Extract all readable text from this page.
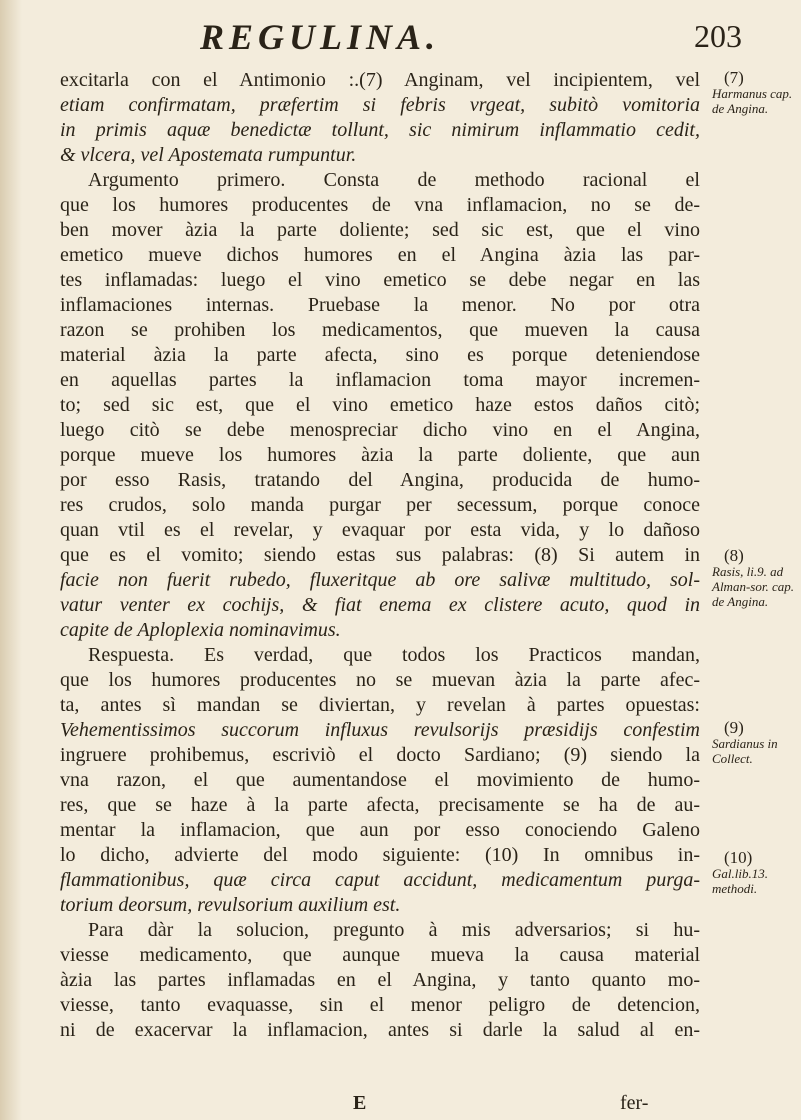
REGULINA.	203
excitarla con el Antimonio :.(7) Anginam, vel incipientem, vel
etiam confirmatam, præfertim si febris vrgeat, subitò vomitoria
in primis aquæ benedictæ tollunt, sic nimirum inflammatio cedit,
& vlcera, vel Apostemata rumpuntur.
Argumento primero. Consta de methodo racional el
que los humores producentes de vna inflamacion, no se de-
ben mover àzia la parte doliente; sed sic est, que el vino
emetico mueve dichos humores en el Angina àzia las par-
tes inflamadas: luego el vino emetico se debe negar en las
inflamaciones internas. Pruebase la menor. No por otra
razon se prohiben los medicamentos, que mueven la causa
material àzia la parte afecta, sino es porque deteniendose
en aquellas partes la inflamacion toma mayor incremen-
to; sed sic est, que el vino emetico haze estos daños citò;
luego citò se debe menospreciar dicho vino en el Angina,
porque mueve los humores àzia la parte doliente, que aun
por esso Rasis, tratando del Angina, producida de humo-
res crudos, solo manda purgar per secessum, porque conoce
quan vtil es el revelar, y evaquar por esta vida, y lo dañoso
que es el vomito; siendo estas sus palabras: (8) Si autem in
facie non fuerit rubedo, fluxeritque ab ore salivæ multitudo, sol-
vatur venter ex cochijs, & fiat enema ex clistere acuto, quod in
capite de Aplοplexia nominavimus.
Respuesta. Es verdad, que todos los Practicos mandan,
que los humores producentes no se muevan àzia la parte afec-
ta, antes sì mandan se diviertan, y revelan à partes opuestas:
Vehementissimos succorum influxus revulsorijs præsidijs confestim
ingruere prohibemus, escriviò el docto Sardiano; (9) siendo la
vna razon, el que aumentandose el movimiento de humo-
res, que se haze à la parte afecta, precisamente se ha de au-
mentar la inflamacion, que aun por esso conociendo Galeno
lo dicho, advierte del modo siguiente: (10) In omnibus in-
flammationibus, quæ circa caput accidunt, medicamentum purga-
torium deorsum, revulsorium auxilium est.
Para dàr la solucion, pregunto à mis adversarios; si hu-
viesse medicamento, que aunque mueva la causa material
àzia las partes inflamadas en el Angina, y tanto quanto mo-
viesse, tanto evaquasse, sin el menor peligro de detencion,
ni de exacervar la inflamacion, antes si darle la salud al en-
(7)
Harmanus cap. de Angina.
(8)
Rasis, li.9. ad Alman-sor. cap. de Angina.
(9)
Sardianus in Collect.
(10)
Gal.lib.13. methodi.
E	fer-
